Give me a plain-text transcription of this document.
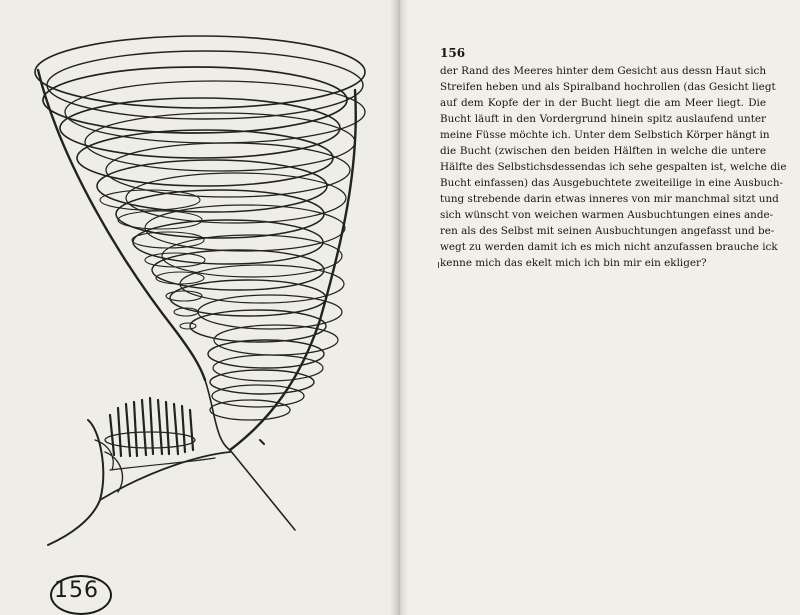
156
156
der Rand des Meeres hinter dem Gesicht aus dessn Haut sich
Streifen heben und als Spiralband hochrollen (das Gesicht liegt
auf dem Kopfe der in der Bucht liegt die am Meer liegt. Die
Bucht läuft in den Vordergrund hinein spitz auslaufend unter
meine Füsse möchte ich. Unter dem Selbstich Körper hängt in
die Bucht (zwischen den beiden Hälften in welche die untere
Hälfte des Selbstichsdessendas ich sehe gespalten ist, welche die
Bucht einfassen) das Ausgebuchtete zweiteilige in eine Ausbuch-
tung strebende darin etwas inneres von mir manchmal sitzt und
sich wünscht von weichen warmen Ausbuchtungen eines ande-
ren als des Selbst mit seinen Ausbuchtungen angefasst und be-
wegt zu werden damit ich es mich nicht anzufassen brauche ick
kenne mich das ekelt mich ich bin mir ein ekliger?
